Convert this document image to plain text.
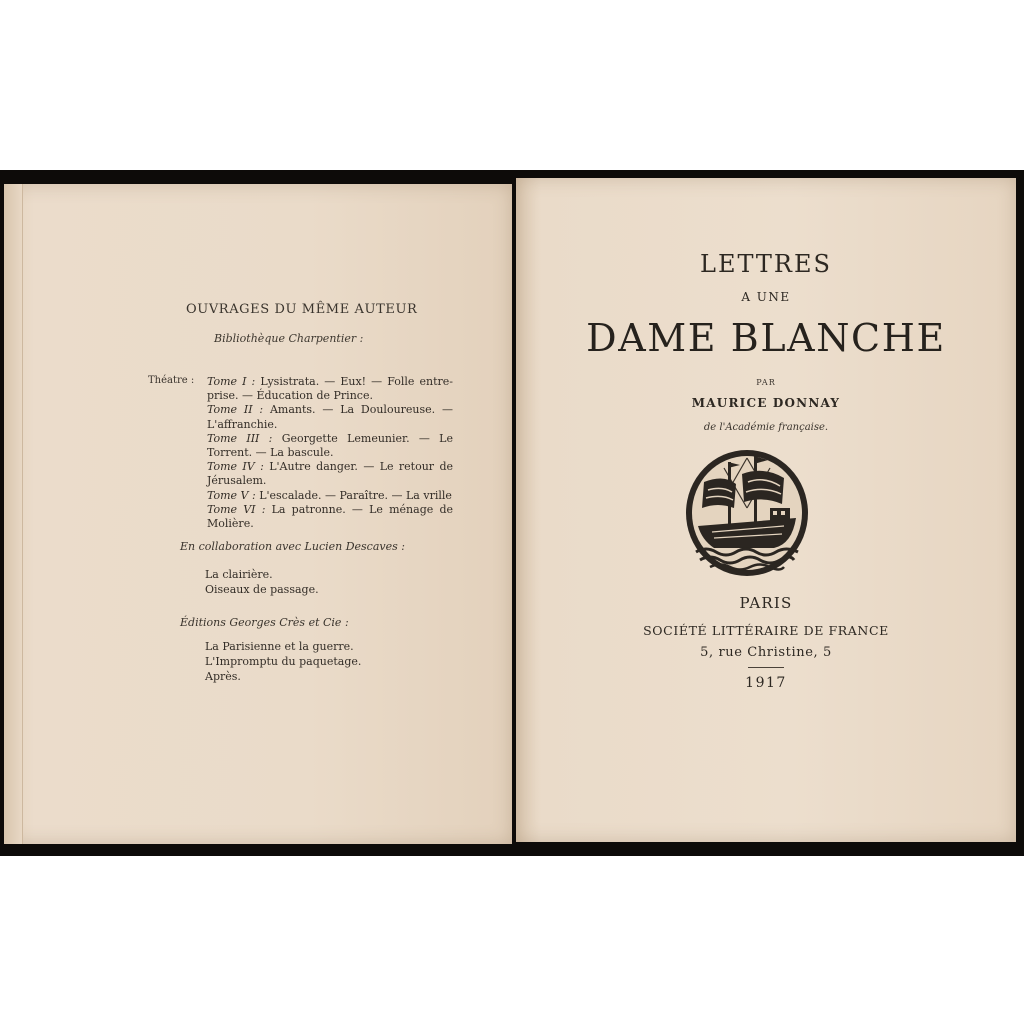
OUVRAGES DU MÊME AUTEUR
Bibliothèque Charpentier :
Théatre : Tome I : Lysistrata. — Eux! — Folle entre-prise. — Éducation de Prince.
Tome II : Amants. — La Douloureuse. — L'affranchie.
Tome III : Georgette Lemeunier. — Le Torrent. — La bascule.
Tome IV : L'Autre danger. — Le retour de Jérusalem.
Tome V : L'escalade. — Paraître. — La vrille
Tome VI : La patronne. — Le ménage de Molière.
En collaboration avec Lucien Descaves :
La clairière.
Oiseaux de passage.
Éditions Georges Crès et Cie :
La Parisienne et la guerre.
L'Impromptu du paquetage.
Après.
LETTRES
A UNE
DAME BLANCHE
PAR
MAURICE DONNAY
de l'Académie française.
PARIS
SOCIÉTÉ LITTÉRAIRE DE FRANCE
5, rue Christine, 5
1917
